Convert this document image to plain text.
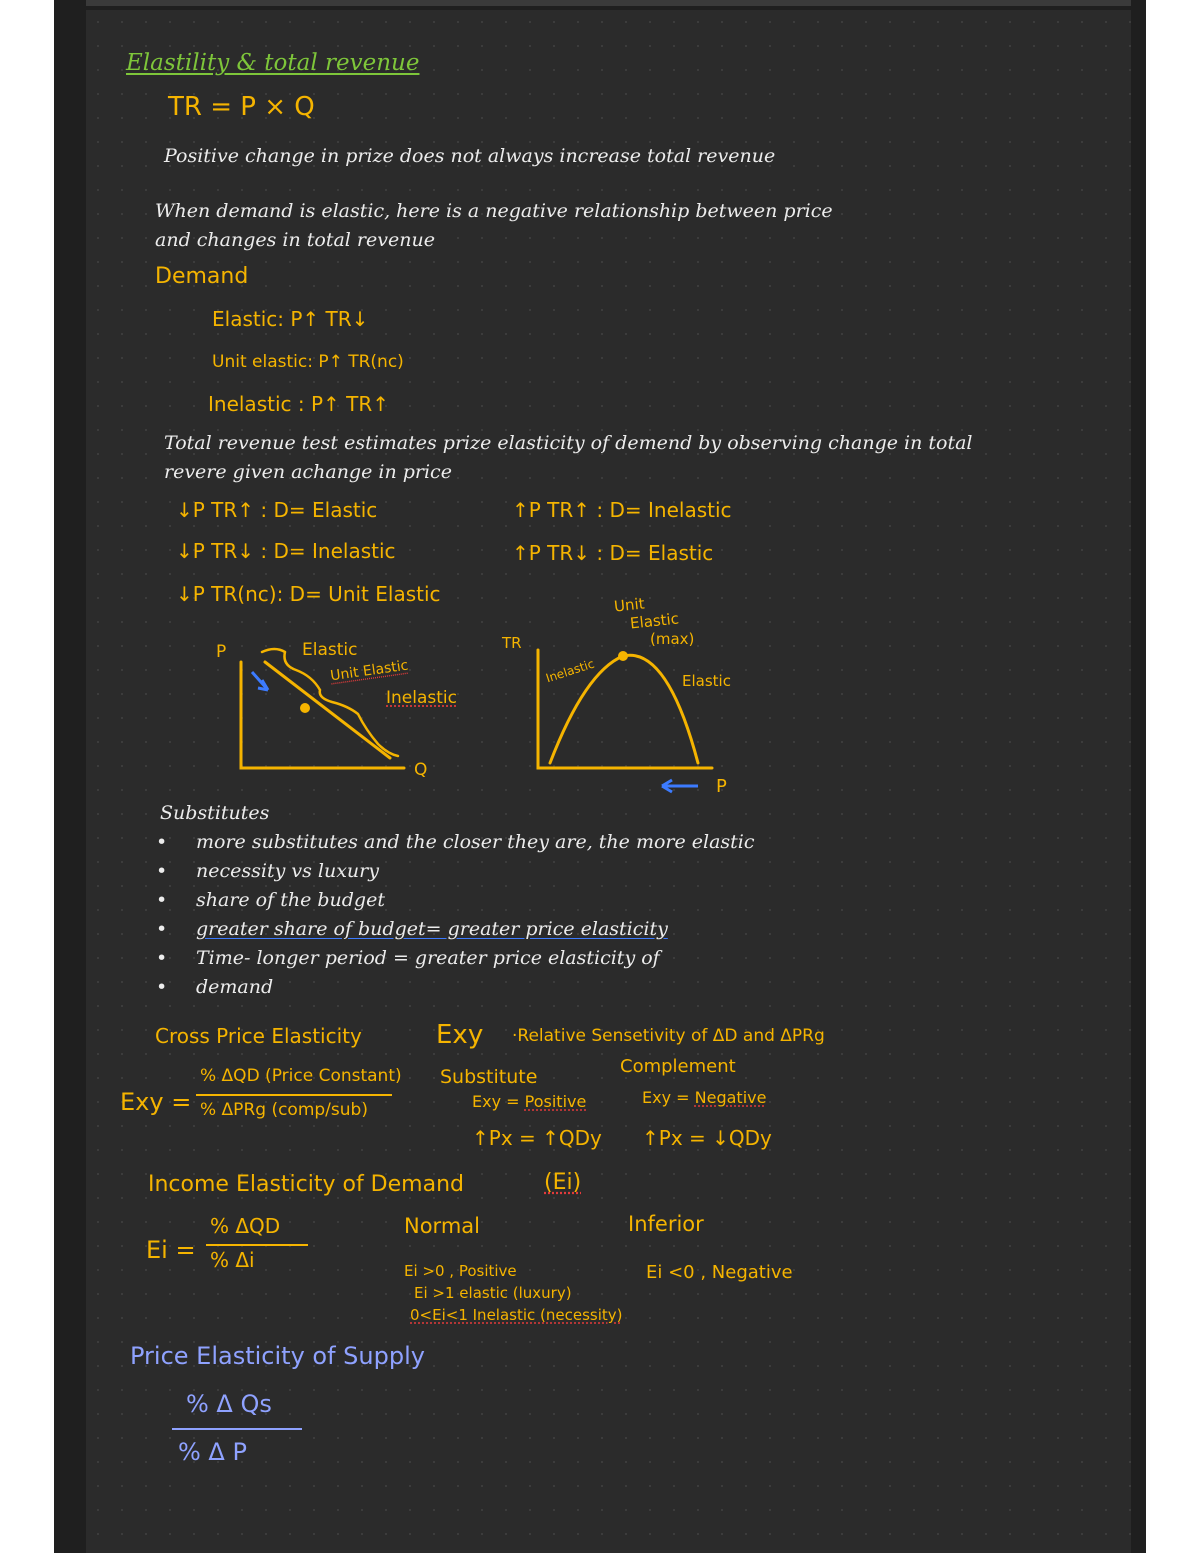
Elastility & total revenue
TR = P × Q
Positive change in prize does not always increase total revenue
When demand is elastic, here is a negative relationship between price
and changes in total revenue
Demand
Elastic: P↑ TR↓
Unit elastic: P↑ TR(nc)
Inelastic : P↑ TR↑
Total revenue test estimates prize elasticity of demend by observing change in total
revere given achange in price
↓P TR↑ : D= Elastic
↓P TR↓ : D= Inelastic
↓P TR(nc): D= Unit Elastic
↑P TR↑ : D= Inelastic
↑P TR↓ : D= Elastic
P
Q
Elastic
Unit Elastic
Inelastic
TR
P
Inelastic
Unit
Elastic
(max)
Elastic
Substitutes
• more substitutes and the closer they are, the more elastic
• necessity vs luxury
• share of the budget
• greater share of budget= greater price elasticity
• Time- longer period = greater price elasticity of
• demand
Cross Price Elasticity	Exy ·Relative Sensetivity of ΔD and ΔPRg
Exy =
% ΔQD (Price Constant)
% ΔPRg (comp/sub)
Substitute
Exy = Positive
↑Px = ↑QDy
Complement
Exy = Negative
↑Px = ↓QDy
Income Elasticity of Demand	(Ei)
Ei =
% ΔQD
% Δi
Normal	Inferior
Ei >0 , Positive
Ei >1 elastic (luxury)
0<Ei<1 Inelastic (necessity)
Ei <0 , Negative
Price Elasticity of Supply
% Δ Qs
% Δ P
